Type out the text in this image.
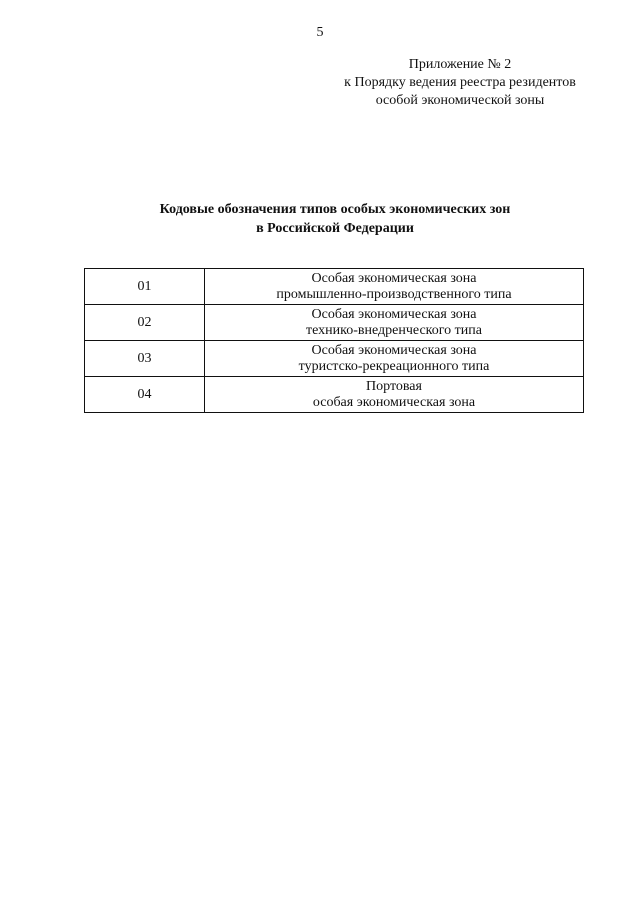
5
Приложение № 2
к Порядку ведения реестра резидентов
особой экономической зоны
Кодовые обозначения типов особых экономических зон
в Российской Федерации
01	Особая экономическая зона
промышленно-производственного типа

02	Особая экономическая зона
технико-внедренческого типа

03	Особая экономическая зона
туристско-рекреационного типа

04	Портовая
особая экономическая зона
